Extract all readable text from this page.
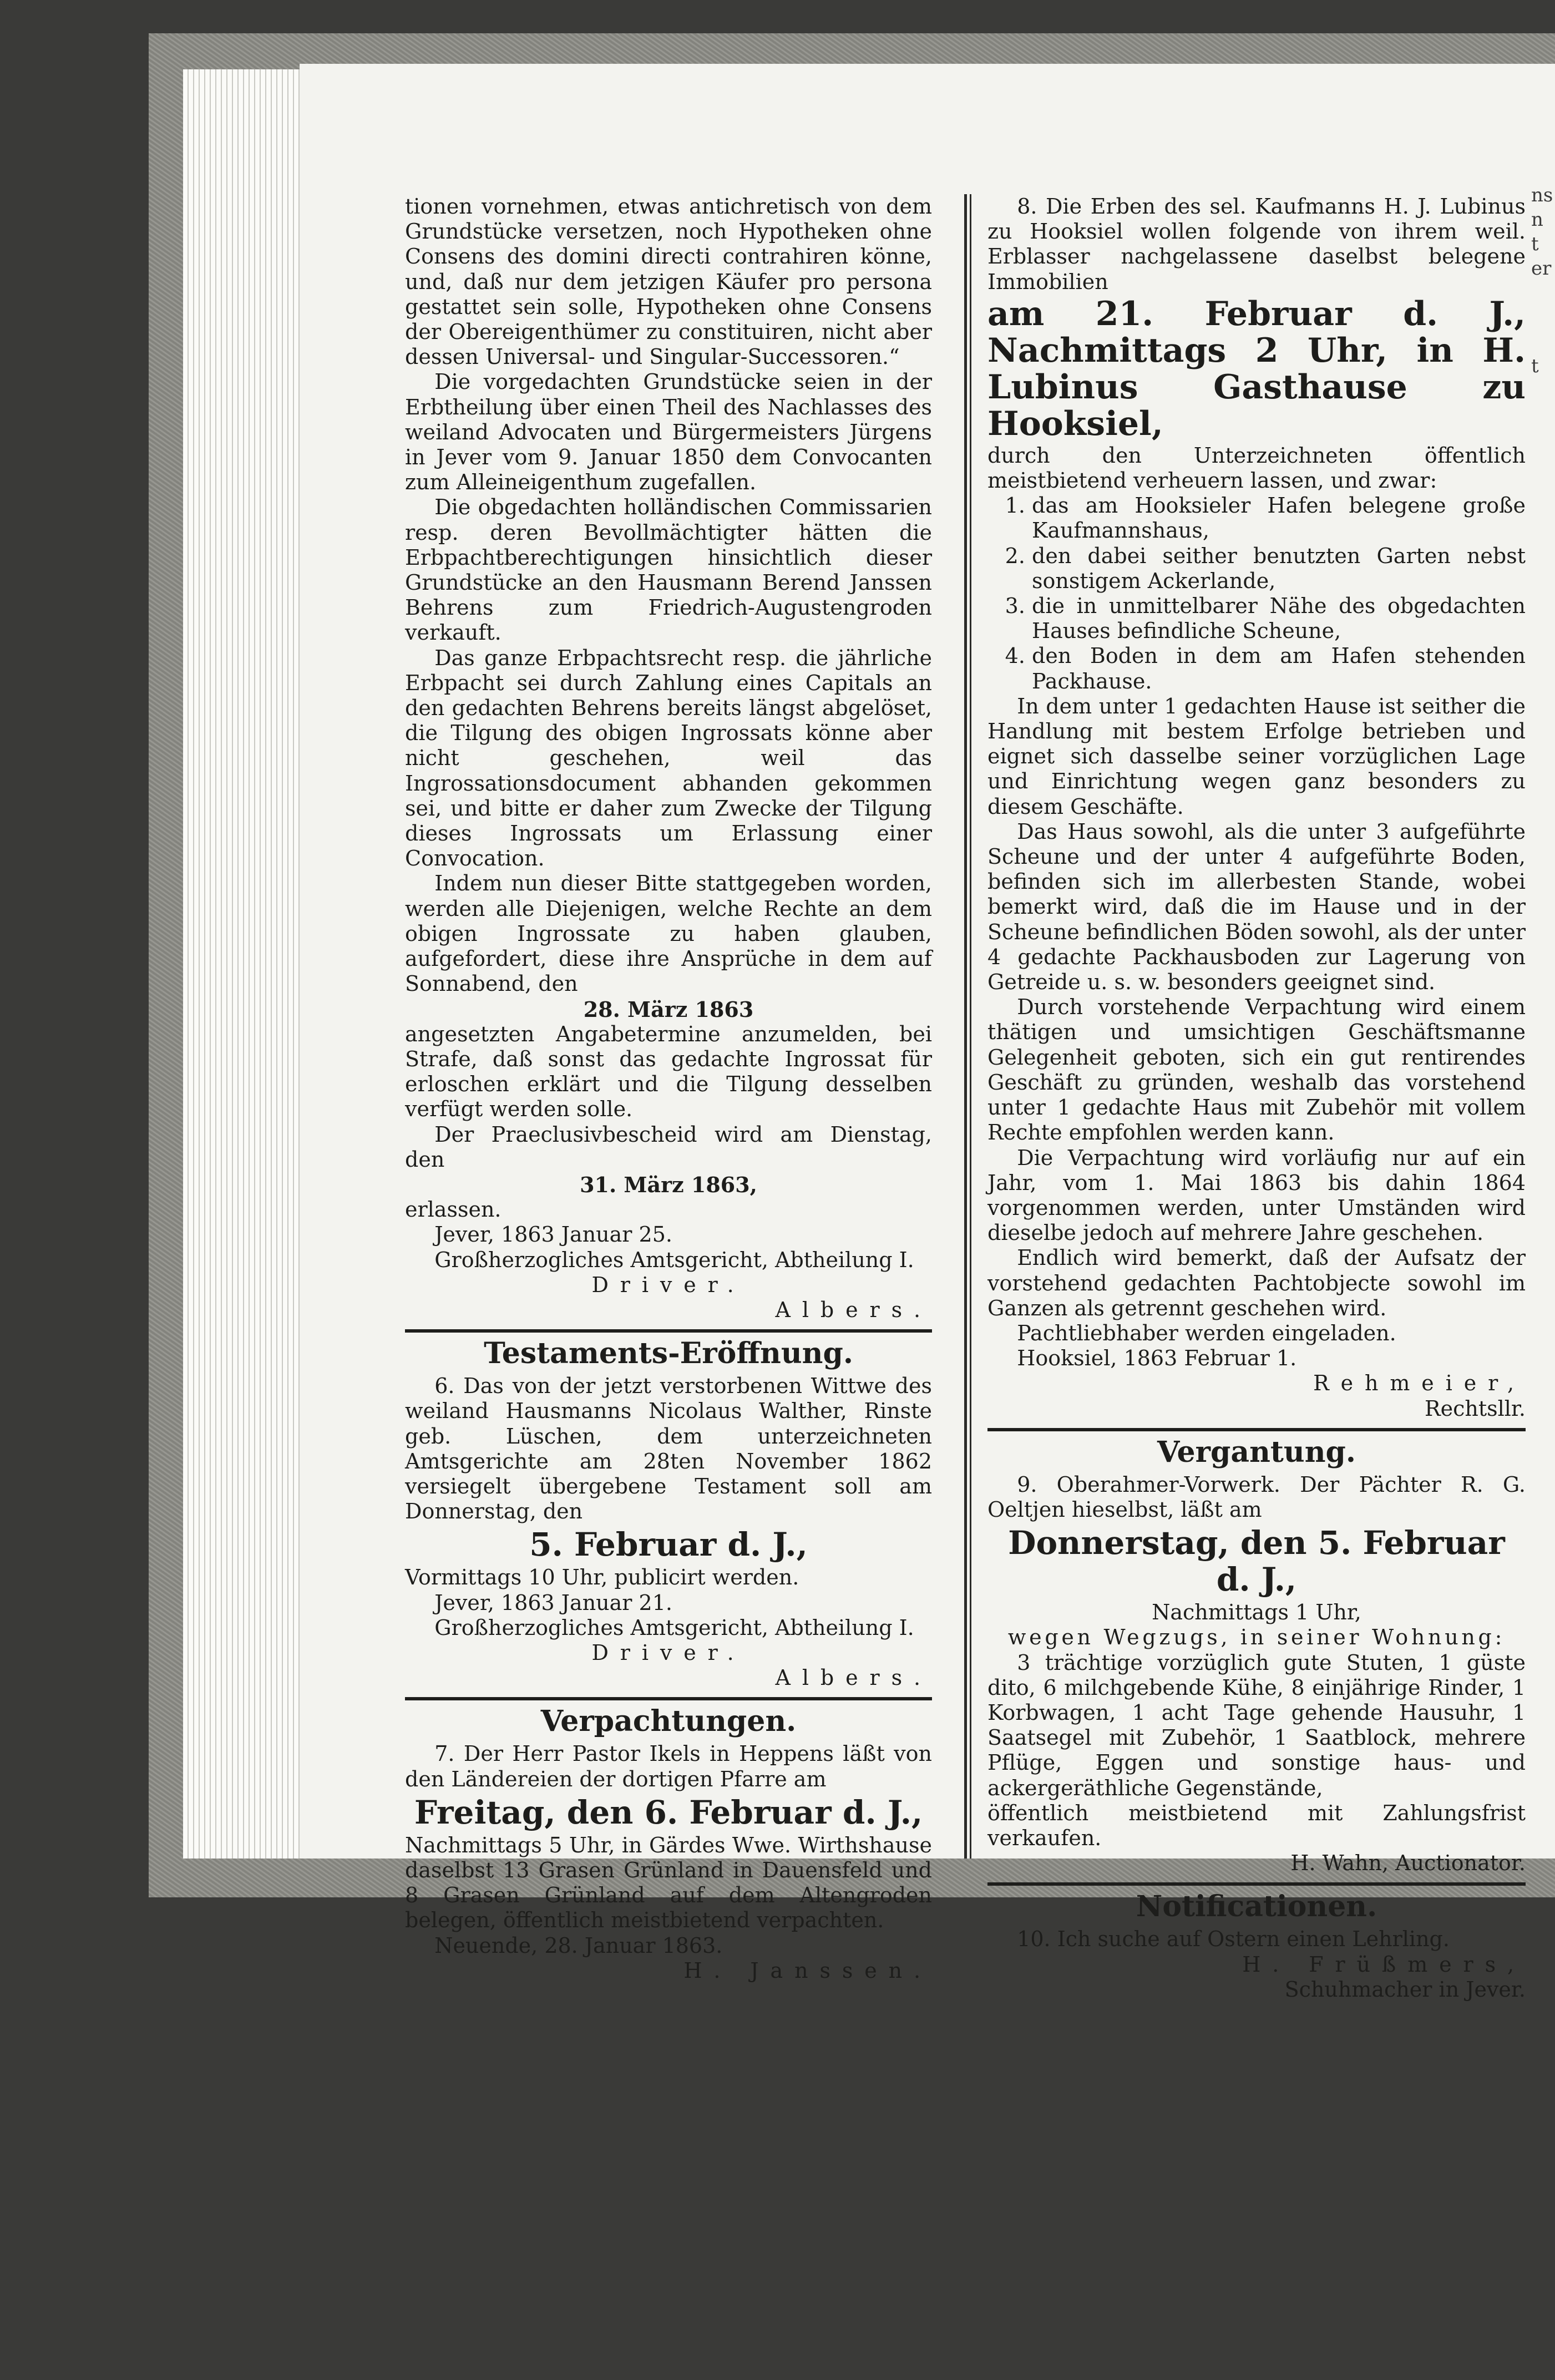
tionen vornehmen, etwas antichretisch von dem Grundstücke versetzen, noch Hypotheken ohne Consens des domini directi contrahiren könne, und, daß nur dem jetzigen Käufer pro persona gestattet sein solle, Hypotheken ohne Consens der Obereigenthümer zu constituiren, nicht aber dessen Universal- und Singular-Successoren.“

Die vorgedachten Grundstücke seien in der Erbtheilung über einen Theil des Nachlasses des weiland Advocaten und Bürgermeisters Jürgens in Jever vom 9. Januar 1850 dem Convocanten zum Alleineigenthum zugefallen.

Die obgedachten holländischen Commissarien resp. deren Bevollmächtigter hätten die Erbpachtberechtigungen hinsichtlich dieser Grundstücke an den Hausmann Berend Janssen Behrens zum Friedrich-Augustengroden verkauft.

Das ganze Erbpachtsrecht resp. die jährliche Erbpacht sei durch Zahlung eines Capitals an den gedachten Behrens bereits längst abgelöset, die Tilgung des obigen Ingrossats könne aber nicht geschehen, weil das Ingrossationsdocument abhanden gekommen sei, und bitte er daher zum Zwecke der Tilgung dieses Ingrossats um Erlassung einer Convocation.

Indem nun dieser Bitte stattgegeben worden, werden alle Diejenigen, welche Rechte an dem obigen Ingrossate zu haben glauben, aufgefordert, diese ihre Ansprüche in dem auf Sonnabend, den

28. März 1863

angesetzten Angabetermine anzumelden, bei Strafe, daß sonst das gedachte Ingrossat für erloschen erklärt und die Tilgung desselben verfügt werden solle.

Der Praeclusivbescheid wird am Dienstag, den

31. März 1863,

erlassen.

Jever, 1863 Januar 25.

Großherzogliches Amtsgericht, Abtheilung I.

Driver.

Albers.

Testaments-Eröffnung.

6. Das von der jetzt verstorbenen Wittwe des weiland Hausmanns Nicolaus Walther, Rinste geb. Lüschen, dem unterzeichneten Amtsgerichte am 28ten November 1862 versiegelt übergebene Testament soll am Donnerstag, den

5. Februar d. J.,

Vormittags 10 Uhr, publicirt werden.

Jever, 1863 Januar 21.

Großherzogliches Amtsgericht, Abtheilung I.

Driver.

Albers.

Verpachtungen.

7. Der Herr Pastor Ikels in Heppens läßt von den Ländereien der dortigen Pfarre am

Freitag, den 6. Februar d. J.,

Nachmittags 5 Uhr, in Gärdes Wwe. Wirthshause daselbst 13 Grasen Grünland in Dauensfeld und 8 Grasen Grünland auf dem Altengroden belegen, öffentlich meistbietend verpachten.

Neuende, 28. Januar 1863.

H. Janssen.

8. Die Erben des sel. Kaufmanns H. J. Lubinus zu Hooksiel wollen folgende von ihrem weil. Erblasser nachgelassene daselbst belegene Immobilien

am 21. Februar d. J., Nachmittags 2 Uhr, in H. Lubinus Gasthause zu Hooksiel,

durch den Unterzeichneten öffentlich meistbietend verheuern lassen, und zwar:

1. das am Hooksieler Hafen belegene große Kaufmannshaus,
2. den dabei seither benutzten Garten nebst sonstigem Ackerlande,
3. die in unmittelbarer Nähe des obgedachten Hauses befindliche Scheune,
4. den Boden in dem am Hafen stehenden Packhause.

In dem unter 1 gedachten Hause ist seither die Handlung mit bestem Erfolge betrieben und eignet sich dasselbe seiner vorzüglichen Lage und Einrichtung wegen ganz besonders zu diesem Geschäfte.

Das Haus sowohl, als die unter 3 aufgeführte Scheune und der unter 4 aufgeführte Boden, befinden sich im allerbesten Stande, wobei bemerkt wird, daß die im Hause und in der Scheune befindlichen Böden sowohl, als der unter 4 gedachte Packhausboden zur Lagerung von Getreide u. s. w. besonders geeignet sind.

Durch vorstehende Verpachtung wird einem thätigen und umsichtigen Geschäftsmanne Gelegenheit geboten, sich ein gut rentirendes Geschäft zu gründen, weshalb das vorstehend unter 1 gedachte Haus mit Zubehör mit vollem Rechte empfohlen werden kann.

Die Verpachtung wird vorläufig nur auf ein Jahr, vom 1. Mai 1863 bis dahin 1864 vorgenommen werden, unter Umständen wird dieselbe jedoch auf mehrere Jahre geschehen.

Endlich wird bemerkt, daß der Aufsatz der vorstehend gedachten Pachtobjecte sowohl im Ganzen als getrennt geschehen wird.

Pachtliebhaber werden eingeladen.

Hooksiel, 1863 Februar 1.

Rehmeier,

Rechtsllr.

Vergantung.

9. Oberahmer-Vorwerk. Der Pächter R. G. Oeltjen hieselbst, läßt am

Donnerstag, den 5. Februar d. J.,

Nachmittags 1 Uhr,

wegen Wegzugs, in seiner Wohnung:

3 trächtige vorzüglich gute Stuten, 1 güste dito, 6 milchgebende Kühe, 8 einjährige Rinder, 1 Korbwagen, 1 acht Tage gehende Hausuhr, 1 Saatsegel mit Zubehör, 1 Saatblock, mehrere Pflüge, Eggen und sonstige haus- und ackergeräthliche Gegenstände,

öffentlich meistbietend mit Zahlungsfrist verkaufen.

H. Wahn, Auctionator.

Notificationen.

10. Ich suche auf Ostern einen Lehrling.

H. Früßmers,

Schuhmacher in Jever.

ns
n
t
er

t
